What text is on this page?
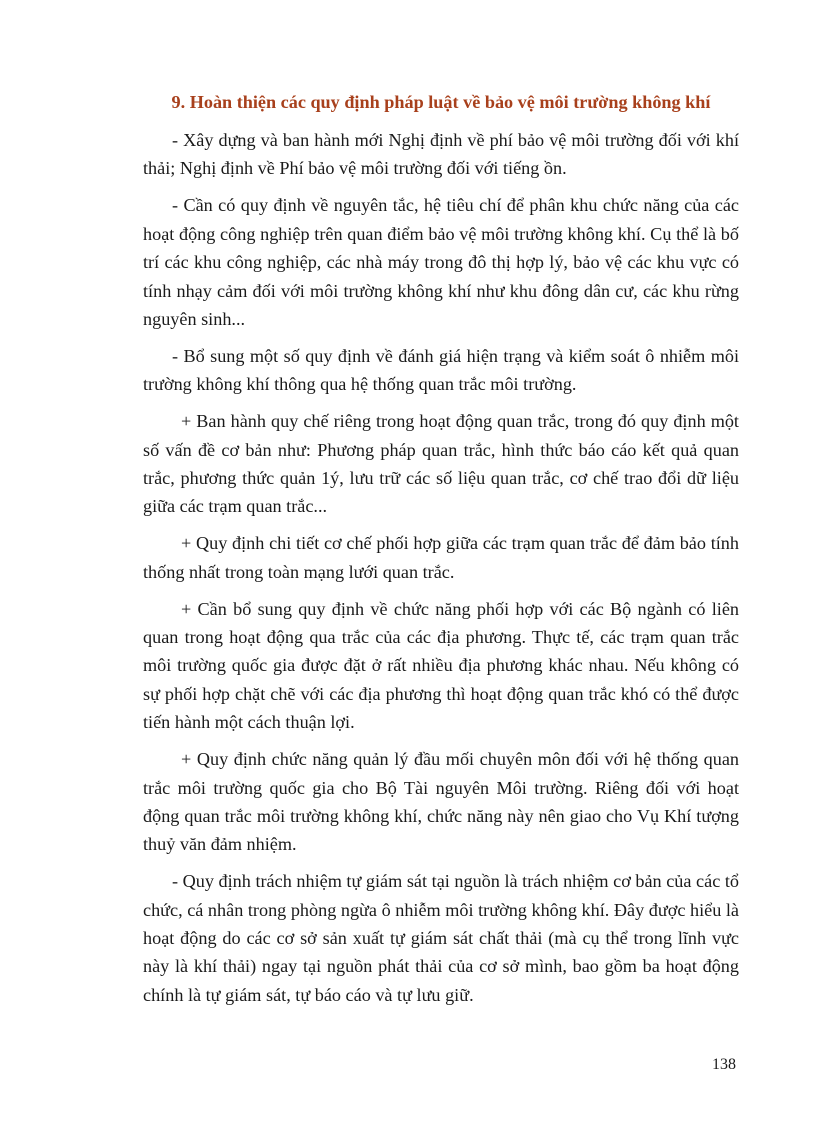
9. Hoàn thiện các quy định pháp luật về bảo vệ môi trường không khí

- Xây dựng và ban hành mới Nghị định về phí bảo vệ môi trường đối với khí thải; Nghị định về Phí bảo vệ môi trường đối với tiếng ồn.

- Cần có quy định về nguyên tắc, hệ tiêu chí để phân khu chức năng của các hoạt động công nghiệp trên quan điểm bảo vệ môi trường không khí. Cụ thể là bố trí các khu công nghiệp, các nhà máy trong đô thị hợp lý, bảo vệ các khu vực có tính nhạy cảm đối với môi trường không khí như khu đông dân cư, các khu rừng nguyên sinh...

- Bổ sung một số quy định về đánh giá hiện trạng và kiểm soát ô nhiễm môi trường không khí thông qua hệ thống quan trắc môi trường.

+ Ban hành quy chế riêng trong hoạt động quan trắc, trong đó quy định một số vấn đề cơ bản như: Phương pháp quan trắc, hình thức báo cáo kết quả quan trắc, phương thức quản 1ý, lưu trữ các số liệu quan trắc, cơ chế trao đổi dữ liệu giữa các trạm quan trắc...

+ Quy định chi tiết cơ chế phối hợp giữa các trạm quan trắc để đảm bảo tính thống nhất trong toàn mạng lưới quan trắc.

+ Cần bổ sung quy định về chức năng phối hợp với các Bộ ngành có liên quan trong hoạt động qua trắc của các địa phương. Thực tế, các trạm quan trắc môi trường quốc gia được đặt ở rất nhiều địa phương khác nhau. Nếu không có sự phối hợp chặt chẽ với các địa phương thì hoạt động quan trắc khó có thể được tiến hành một cách thuận lợi.

+ Quy định chức năng quản lý đầu mối chuyên môn đối với hệ thống quan trắc môi trường quốc gia cho Bộ Tài nguyên Môi trường. Riêng đối với hoạt động quan trắc môi trường không khí, chức năng này nên giao cho Vụ Khí tượng thuỷ văn đảm nhiệm.

- Quy định trách nhiệm tự giám sát tại nguồn là trách nhiệm cơ bản của các tổ chức, cá nhân trong phòng ngừa ô nhiễm môi trường không khí. Đây được hiểu là hoạt động do các cơ sở sản xuất tự giám sát chất thải (mà cụ thể trong lĩnh vực này là khí thải) ngay tại nguồn phát thải của cơ sở mình, bao gồm ba hoạt động chính là tự giám sát, tự báo cáo và tự lưu giữ.

138
